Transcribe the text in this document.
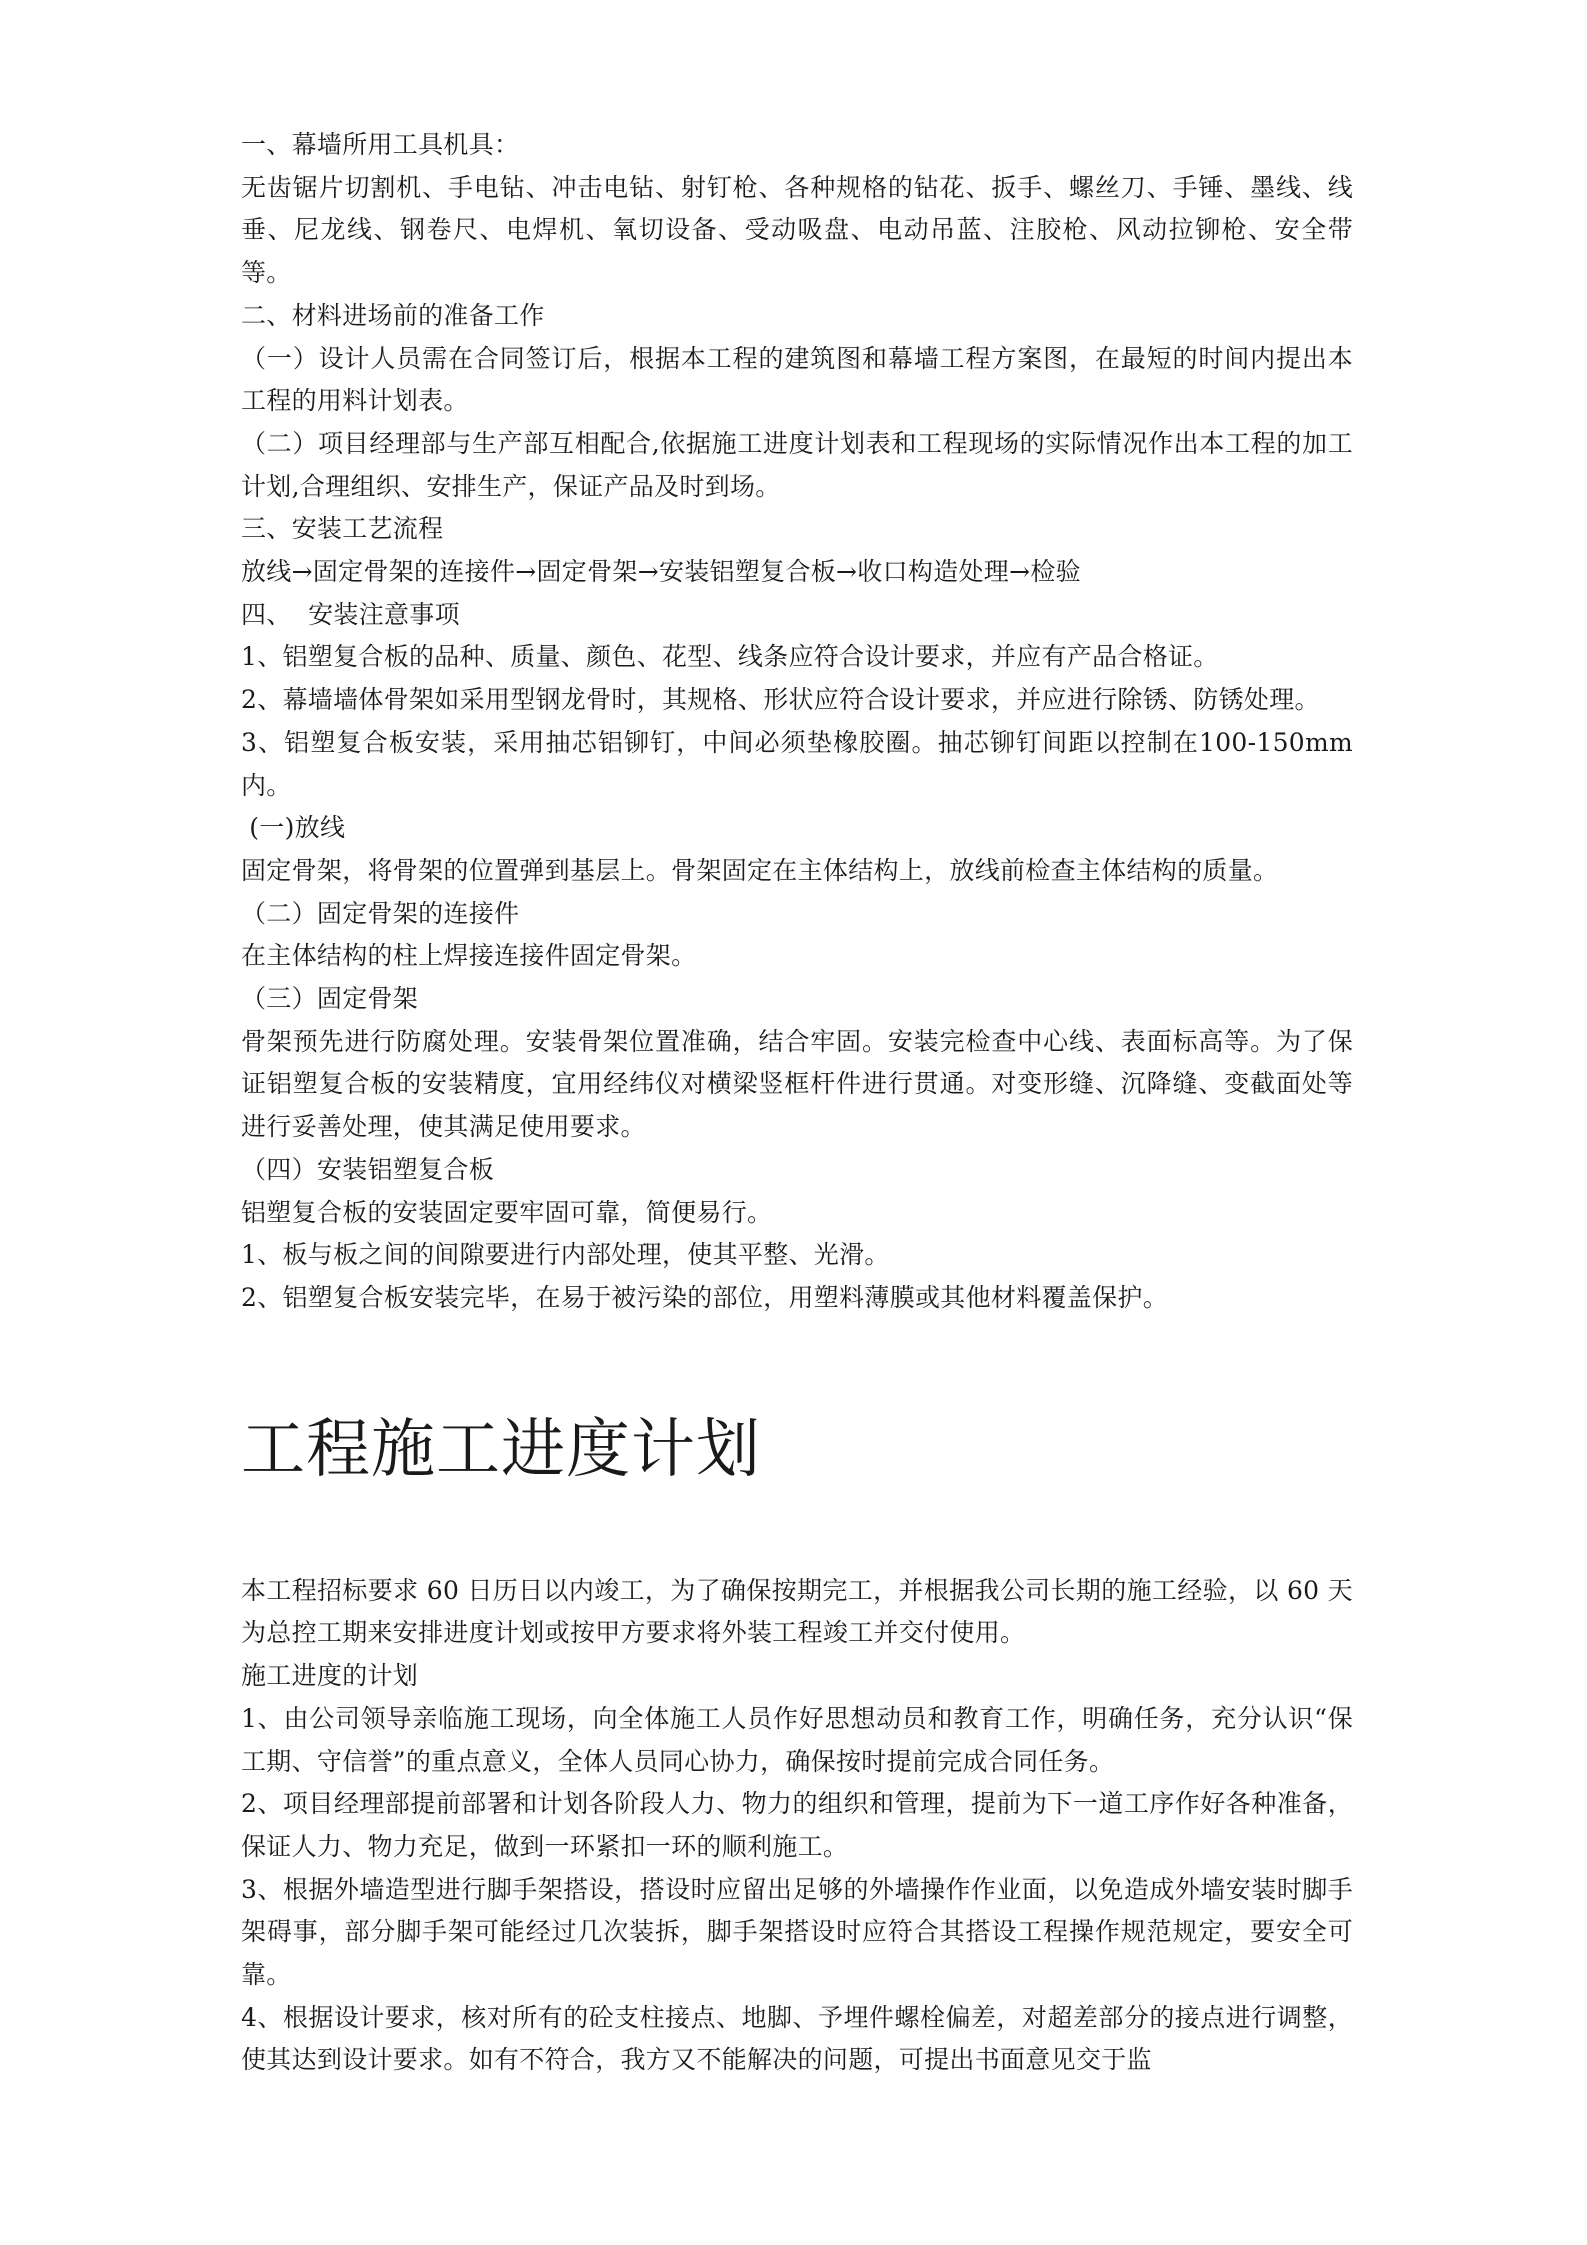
一、幕墙所用工具机具：

无齿锯片切割机、手电钻、冲击电钻、射钉枪、各种规格的钻花、扳手、螺丝刀、手锤、墨线、线垂、尼龙线、钢卷尺、电焊机、氧切设备、受动吸盘、电动吊蓝、注胶枪、风动拉铆枪、安全带等。

二、材料进场前的准备工作

（一）设计人员需在合同签订后，根据本工程的建筑图和幕墙工程方案图，在最短的时间内提出本工程的用料计划表。

（二）项目经理部与生产部互相配合,依据施工进度计划表和工程现场的实际情况作出本工程的加工计划,合理组织、安排生产，保证产品及时到场。

三、安装工艺流程

放线→固定骨架的连接件→固定骨架→安装铝塑复合板→收口构造处理→检验

四、  安装注意事项

1、铝塑复合板的品种、质量、颜色、花型、线条应符合设计要求，并应有产品合格证。

2、幕墙墙体骨架如采用型钢龙骨时，其规格、形状应符合设计要求，并应进行除锈、防锈处理。

3、铝塑复合板安装，采用抽芯铝铆钉，中间必须垫橡胶圈。抽芯铆钉间距以控制在100-150mm内。

(一)放线

固定骨架，将骨架的位置弹到基层上。骨架固定在主体结构上，放线前检查主体结构的质量。

（二）固定骨架的连接件

在主体结构的柱上焊接连接件固定骨架。

（三）固定骨架

骨架预先进行防腐处理。安装骨架位置准确，结合牢固。安装完检查中心线、表面标高等。为了保证铝塑复合板的安装精度，宜用经纬仪对横梁竖框杆件进行贯通。对变形缝、沉降缝、变截面处等进行妥善处理，使其满足使用要求。

（四）安装铝塑复合板

铝塑复合板的安装固定要牢固可靠，简便易行。

1、板与板之间的间隙要进行内部处理，使其平整、光滑。

2、铝塑复合板安装完毕，在易于被污染的部位，用塑料薄膜或其他材料覆盖保护。

工程施工进度计划

本工程招标要求 60 日历日以内竣工，为了确保按期完工，并根据我公司长期的施工经验，以 60 天为总控工期来安排进度计划或按甲方要求将外装工程竣工并交付使用。

施工进度的计划

1、由公司领导亲临施工现场，向全体施工人员作好思想动员和教育工作，明确任务，充分认识“保工期、守信誉”的重点意义，全体人员同心协力，确保按时提前完成合同任务。

2、项目经理部提前部署和计划各阶段人力、物力的组织和管理，提前为下一道工序作好各种准备，保证人力、物力充足，做到一环紧扣一环的顺利施工。

3、根据外墙造型进行脚手架搭设，搭设时应留出足够的外墙操作作业面，以免造成外墙安装时脚手架碍事，部分脚手架可能经过几次装拆，脚手架搭设时应符合其搭设工程操作规范规定，要安全可靠。

4、根据设计要求，核对所有的砼支柱接点、地脚、予埋件螺栓偏差，对超差部分的接点进行调整，使其达到设计要求。如有不符合，我方又不能解决的问题，可提出书面意见交于监
